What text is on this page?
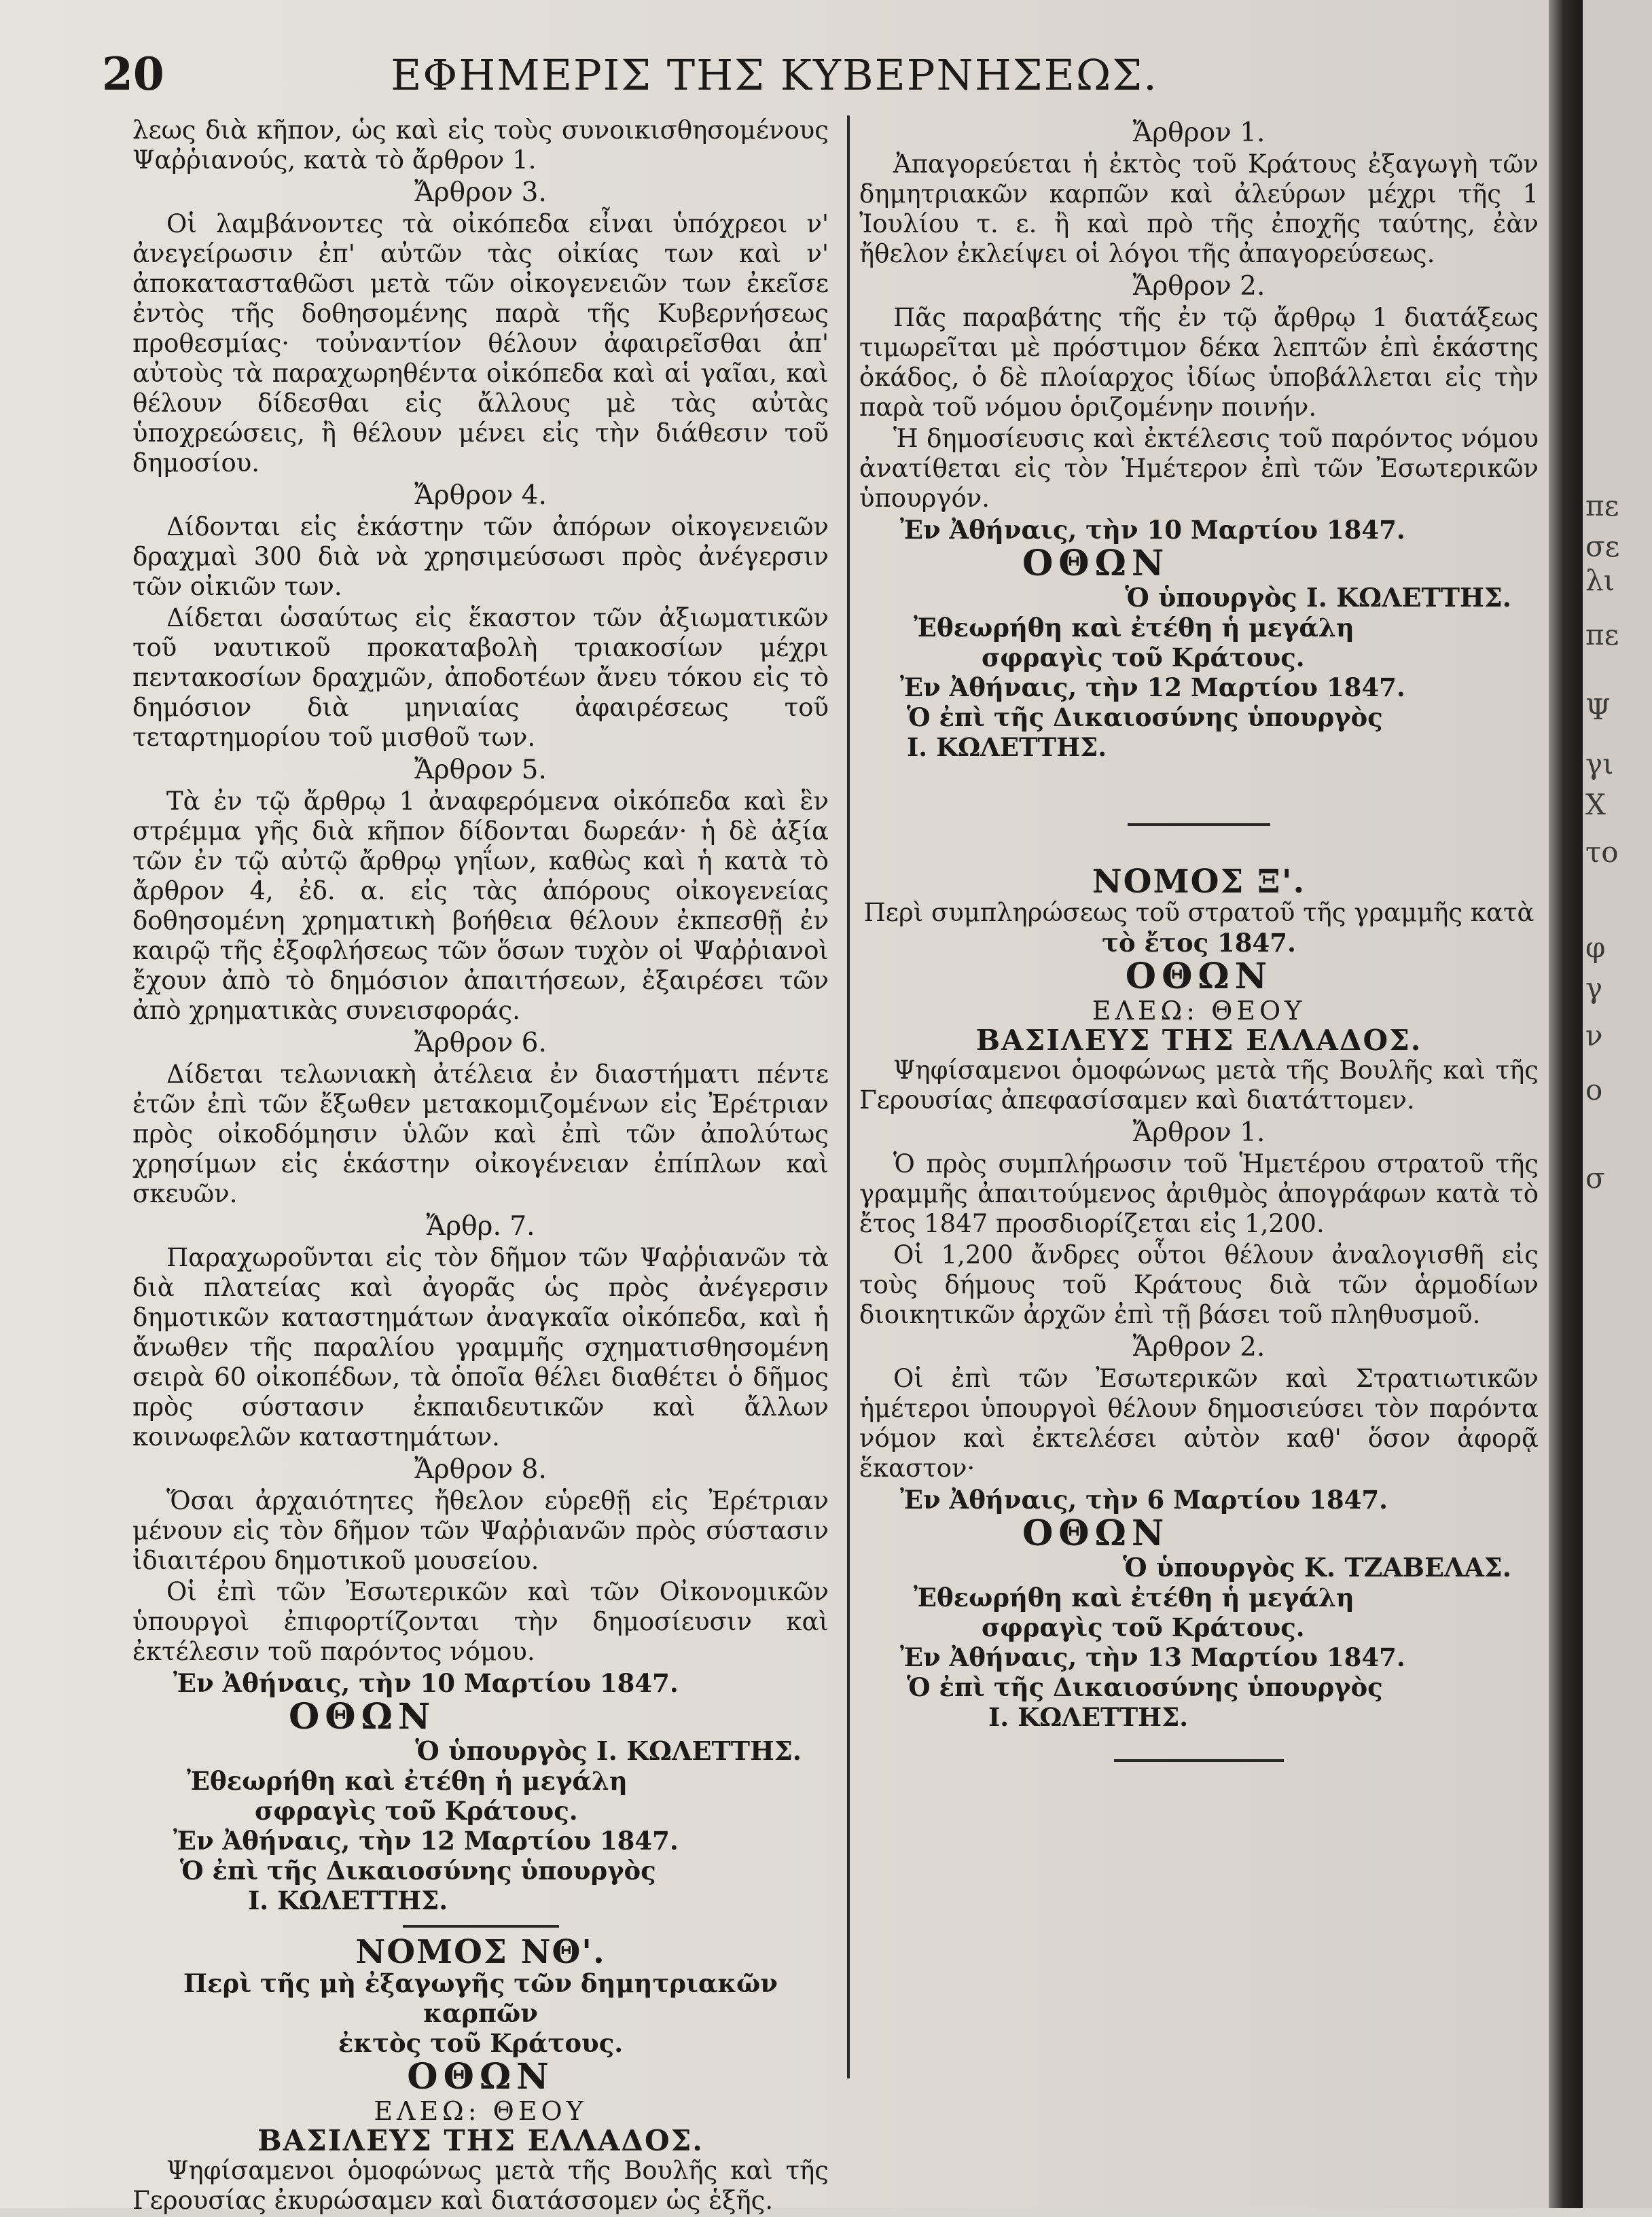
20	ΕΦΗΜΕΡΙΣ ΤΗΣ ΚΥΒΕΡΝΗΣΕΩΣ.

λεως διὰ κῆπον, ὡς καὶ εἰς τοὺς συνοικισθησομένους Ψαῤῥιανούς, κατὰ τὸ ἄρθρον 1.

Ἄρθρον 3.

Οἱ λαμβάνοντες τὰ οἰκόπεδα εἶναι ὑπόχρεοι ν' ἀνεγείρωσιν ἐπ' αὐτῶν τὰς οἰκίας των καὶ ν' ἀποκατασταθῶσι μετὰ τῶν οἰκογενειῶν των ἐκεῖσε ἐντὸς τῆς δοθησομένης παρὰ τῆς Κυβερνήσεως προθεσμίας· τοὐναντίον θέλουν ἀφαιρεῖσθαι ἀπ' αὐτοὺς τὰ παραχωρηθέντα οἰκόπεδα καὶ αἱ γαῖαι, καὶ θέλουν δίδεσθαι εἰς ἄλλους μὲ τὰς αὐτὰς ὑποχρεώσεις, ἢ θέλουν μένει εἰς τὴν διάθεσιν τοῦ δημοσίου.

Ἄρθρον 4.

Δίδονται εἰς ἑκάστην τῶν ἀπόρων οἰκογενειῶν δραχμαὶ 300 διὰ νὰ χρησιμεύσωσι πρὸς ἀνέγερσιν τῶν οἰκιῶν των.

Δίδεται ὡσαύτως εἰς ἕκαστον τῶν ἀξιωματικῶν τοῦ ναυτικοῦ προκαταβολὴ τριακοσίων μέχρι πεντακοσίων δραχμῶν, ἀποδοτέων ἄνευ τόκου εἰς τὸ δημόσιον διὰ μηνιαίας ἀφαιρέσεως τοῦ τεταρτημορίου τοῦ μισθοῦ των.

Ἄρθρον 5.

Τὰ ἐν τῷ ἄρθρῳ 1 ἀναφερόμενα οἰκόπεδα καὶ ἓν στρέμμα γῆς διὰ κῆπον δίδονται δωρεάν· ἡ δὲ ἀξία τῶν ἐν τῷ αὐτῷ ἄρθρῳ γηΐων, καθὼς καὶ ἡ κατὰ τὸ ἄρθρον 4, ἐδ. α. εἰς τὰς ἀπόρους οἰκογενείας δοθησομένη χρηματικὴ βοήθεια θέλουν ἐκπεσθῇ ἐν καιρῷ τῆς ἐξοφλήσεως τῶν ὅσων τυχὸν οἱ Ψαῤῥιανοὶ ἔχουν ἀπὸ τὸ δημόσιον ἀπαιτήσεων, ἐξαιρέσει τῶν ἀπὸ χρηματικὰς συνεισφοράς.

Ἄρθρον 6.

Δίδεται τελωνιακὴ ἀτέλεια ἐν διαστήματι πέντε ἐτῶν ἐπὶ τῶν ἔξωθεν μετακομιζομένων εἰς Ἐρέτριαν πρὸς οἰκοδόμησιν ὑλῶν καὶ ἐπὶ τῶν ἀπολύτως χρησίμων εἰς ἑκάστην οἰκογένειαν ἐπίπλων καὶ σκευῶν.

Ἄρθρ. 7.

Παραχωροῦνται εἰς τὸν δῆμον τῶν Ψαῤῥιανῶν τὰ διὰ πλατείας καὶ ἀγορᾶς ὡς πρὸς ἀνέγερσιν δημοτικῶν καταστημάτων ἀναγκαῖα οἰκόπεδα, καὶ ἡ ἄνωθεν τῆς παραλίου γραμμῆς σχηματισθησομένη σειρὰ 60 οἰκοπέδων, τὰ ὁποῖα θέλει διαθέτει ὁ δῆμος πρὸς σύστασιν ἐκπαιδευτικῶν καὶ ἄλλων κοινωφελῶν καταστημάτων.

Ἄρθρον 8.

Ὅσαι ἀρχαιότητες ἤθελον εὑρεθῇ εἰς Ἐρέτριαν μένουν εἰς τὸν δῆμον τῶν Ψαῤῥιανῶν πρὸς σύστασιν ἰδιαιτέρου δημοτικοῦ μουσείου.

Οἱ ἐπὶ τῶν Ἐσωτερικῶν καὶ τῶν Οἰκονομικῶν ὑπουργοὶ ἐπιφορτίζονται τὴν δημοσίευσιν καὶ ἐκτέλεσιν τοῦ παρόντος νόμου.

Ἐν Ἀθήναις, τὴν 10 Μαρτίου 1847.
ΟΘΩΝ
Ὁ ὑπουργὸς Ι. ΚΩΛΕΤΤΗΣ.
Ἐθεωρήθη καὶ ἐτέθη ἡ μεγάλη
σφραγὶς τοῦ Κράτους.
Ἐν Ἀθήναις, τὴν 12 Μαρτίου 1847.
Ὁ ἐπὶ τῆς Δικαιοσύνης ὑπουργὸς
Ι. ΚΩΛΕΤΤΗΣ.
ΝΟΜΟΣ ΝΘ'.
Περὶ τῆς μὴ ἐξαγωγῆς τῶν δημητριακῶν καρπῶν
ἐκτὸς τοῦ Κράτους.
ΟΘΩΝ
ΕΛΕΩ: ΘΕΟΥ
ΒΑΣΙΛΕΥΣ ΤΗΣ ΕΛΛΑΔΟΣ.

Ψηφίσαμενοι ὁμοφώνως μετὰ τῆς Βουλῆς καὶ τῆς Γερουσίας ἐκυρώσαμεν καὶ διατάσσομεν ὡς ἑξῆς.

Ἄρθρον 1.

Ἀπαγορεύεται ἡ ἐκτὸς τοῦ Κράτους ἐξαγωγὴ τῶν δημητριακῶν καρπῶν καὶ ἀλεύρων μέχρι τῆς 1 Ἰουλίου τ. ε. ἢ καὶ πρὸ τῆς ἐποχῆς ταύτης, ἐὰν ἤθελον ἐκλείψει οἱ λόγοι τῆς ἀπαγορεύσεως.

Ἄρθρον 2.

Πᾶς παραβάτης τῆς ἐν τῷ ἄρθρῳ 1 διατάξεως τιμωρεῖται μὲ πρόστιμον δέκα λεπτῶν ἐπὶ ἑκάστης ὀκάδος, ὁ δὲ πλοίαρχος ἰδίως ὑποβάλλεται εἰς τὴν παρὰ τοῦ νόμου ὁριζομένην ποινήν.

Ἡ δημοσίευσις καὶ ἐκτέλεσις τοῦ παρόντος νόμου ἀνατίθεται εἰς τὸν Ἡμέτερον ἐπὶ τῶν Ἐσωτερικῶν ὑπουργόν.

Ἐν Ἀθήναις, τὴν 10 Μαρτίου 1847.
ΟΘΩΝ
Ὁ ὑπουργὸς Ι. ΚΩΛΕΤΤΗΣ.
Ἐθεωρήθη καὶ ἐτέθη ἡ μεγάλη
σφραγὶς τοῦ Κράτους.
Ἐν Ἀθήναις, τὴν 12 Μαρτίου 1847.
Ὁ ἐπὶ τῆς Δικαιοσύνης ὑπουργὸς
Ι. ΚΩΛΕΤΤΗΣ.
ΝΟΜΟΣ Ξ'.
Περὶ συμπληρώσεως τοῦ στρατοῦ τῆς γραμμῆς κατὰ
τὸ ἔτος 1847.
ΟΘΩΝ
ΕΛΕΩ: ΘΕΟΥ
ΒΑΣΙΛΕΥΣ ΤΗΣ ΕΛΛΑΔΟΣ.

Ψηφίσαμενοι ὁμοφώνως μετὰ τῆς Βουλῆς καὶ τῆς Γερουσίας ἀπεφασίσαμεν καὶ διατάττομεν.

Ἄρθρον 1.

Ὁ πρὸς συμπλήρωσιν τοῦ Ἡμετέρου στρατοῦ τῆς γραμμῆς ἀπαιτούμενος ἀριθμὸς ἀπογράφων κατὰ τὸ ἔτος 1847 προσδιορίζεται εἰς 1,200.

Οἱ 1,200 ἄνδρες οὗτοι θέλουν ἀναλογισθῆ εἰς τοὺς δήμους τοῦ Κράτους διὰ τῶν ἁρμοδίων διοικητικῶν ἀρχῶν ἐπὶ τῇ βάσει τοῦ πληθυσμοῦ.

Ἄρθρον 2.

Οἱ ἐπὶ τῶν Ἐσωτερικῶν καὶ Στρατιωτικῶν ἡμέτεροι ὑπουργοὶ θέλουν δημοσιεύσει τὸν παρόντα νόμον καὶ ἐκτελέσει αὐτὸν καθ' ὅσον ἀφορᾷ ἕκαστον·

Ἐν Ἀθήναις, τὴν 6 Μαρτίου 1847.
ΟΘΩΝ
Ὁ ὑπουργὸς Κ. ΤΖΑΒΕΛΑΣ.
Ἐθεωρήθη καὶ ἐτέθη ἡ μεγάλη
σφραγὶς τοῦ Κράτους.
Ἐν Ἀθήναις, τὴν 13 Μαρτίου 1847.
Ὁ ἐπὶ τῆς Δικαιοσύνης ὑπουργὸς
Ι. ΚΩΛΕΤΤΗΣ.
πε
σε
λι
πε
Ψ
γι
Χ
το
φ
γ
ν
ο
σ
